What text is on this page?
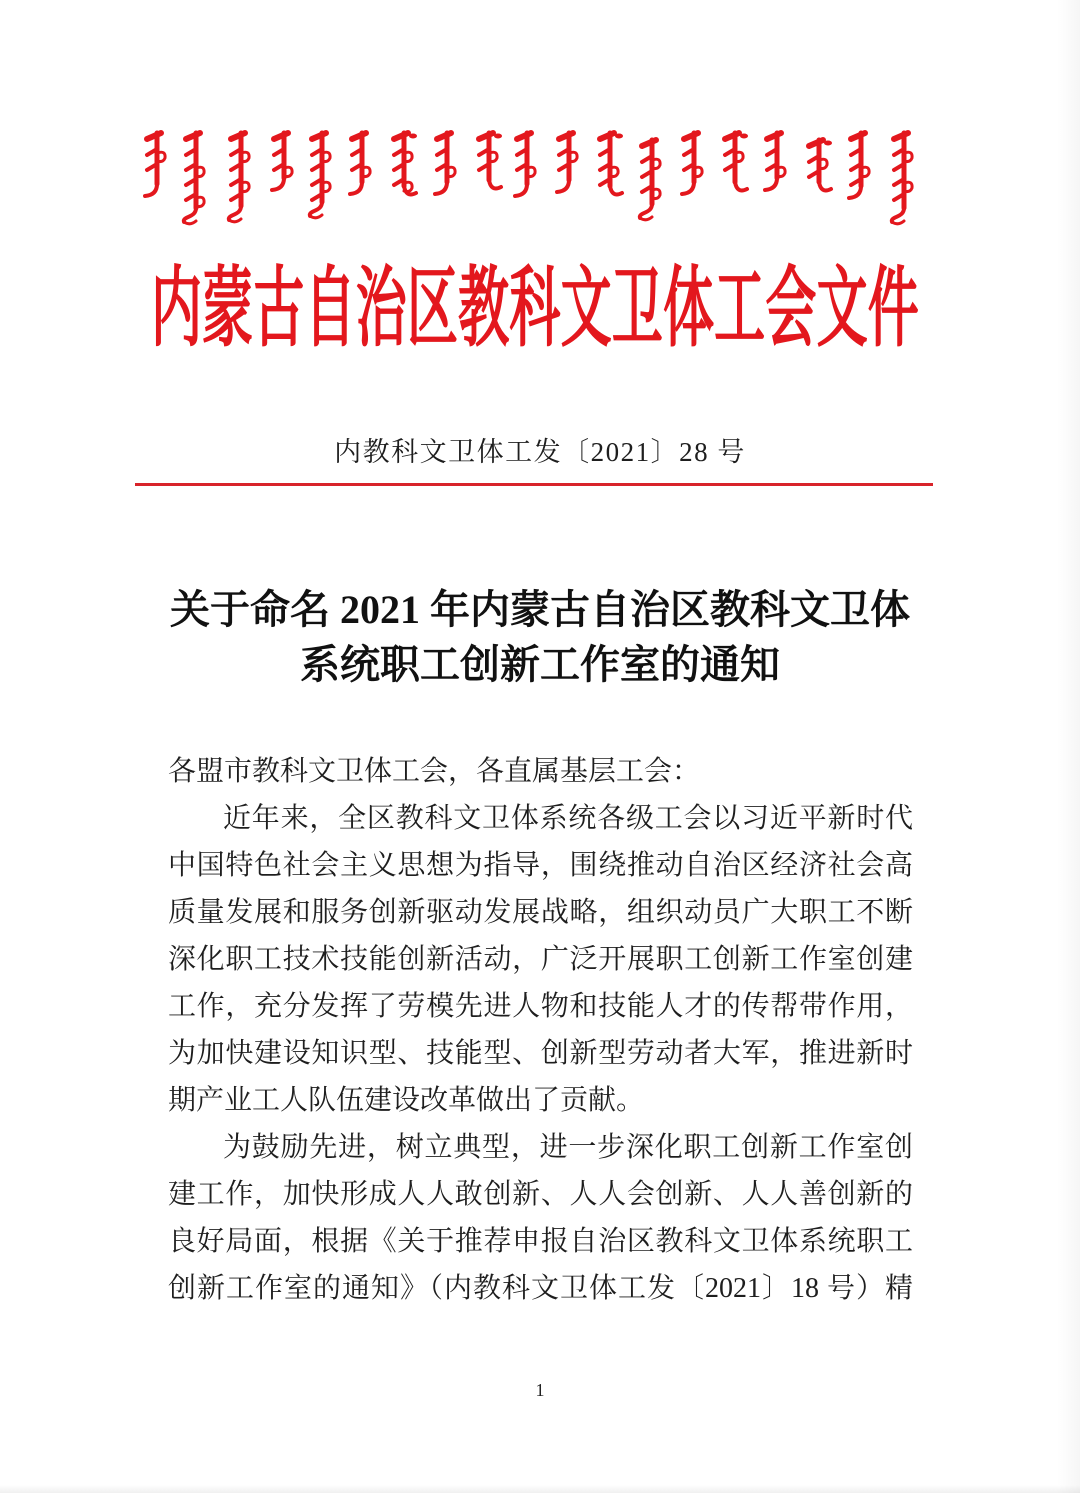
内蒙古自治区教科文卫体工会文件
内教科文卫体工发〔2021〕28 号
关于命名 2021 年内蒙古自治区教科文卫体
系统职工创新工作室的通知
各盟市教科文卫体工会，各直属基层工会：
近年来，全区教科文卫体系统各级工会以习近平新时代
中国特色社会主义思想为指导，围绕推动自治区经济社会高
质量发展和服务创新驱动发展战略，组织动员广大职工不断
深化职工技术技能创新活动，广泛开展职工创新工作室创建
工作，充分发挥了劳模先进人物和技能人才的传帮带作用，
为加快建设知识型、技能型、创新型劳动者大军，推进新时
期产业工人队伍建设改革做出了贡献。
为鼓励先进，树立典型，进一步深化职工创新工作室创
建工作，加快形成人人敢创新、人人会创新、人人善创新的
良好局面，根据《关于推荐申报自治区教科文卫体系统职工
创新工作室的通知》（内教科文卫体工发〔2021〕18 号）精
1
